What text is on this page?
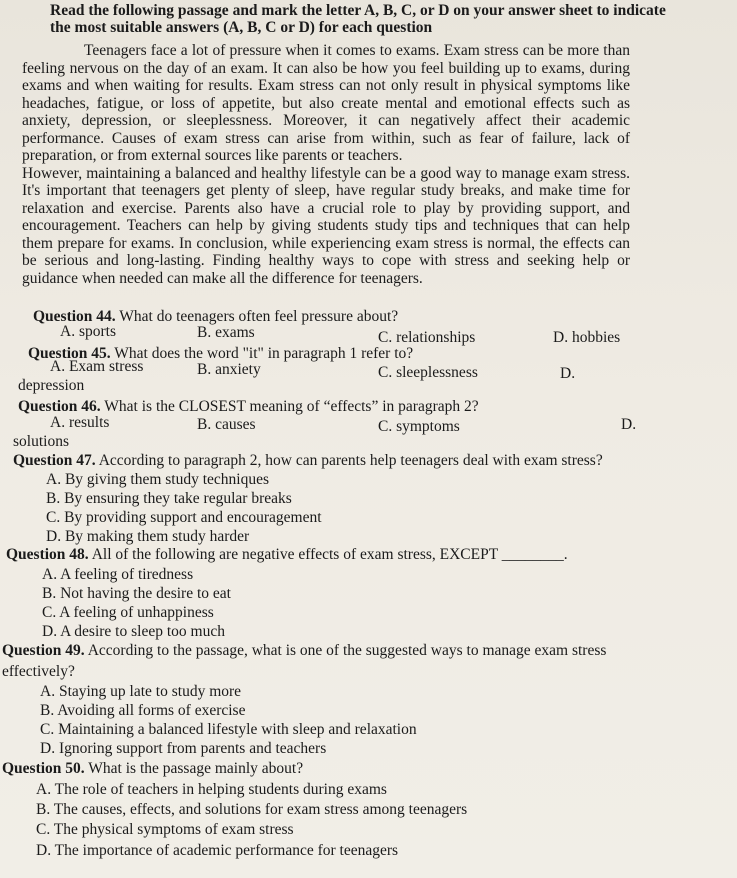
Read the following passage and mark the letter A, B, C, or D on your answer sheet to indicate the most suitable answers (A, B, C or D) for each question

Teenagers face a lot of pressure when it comes to exams. Exam stress can be more than feeling nervous on the day of an exam. It can also be how you feel building up to exams, during exams and when waiting for results. Exam stress can not only result in physical symptoms like headaches, fatigue, or loss of appetite, but also create mental and emotional effects such as anxiety, depression, or sleeplessness. Moreover, it can negatively affect their academic performance. Causes of exam stress can arise from within, such as fear of failure, lack of preparation, or from external sources like parents or teachers.

However, maintaining a balanced and healthy lifestyle can be a good way to manage exam stress. It's important that teenagers get plenty of sleep, have regular study breaks, and make time for relaxation and exercise. Parents also have a crucial role to play by providing support, and encouragement. Teachers can help by giving students study tips and techniques that can help them prepare for exams. In conclusion, while experiencing exam stress is normal, the effects can be serious and long-lasting. Finding healthy ways to cope with stress and seeking help or guidance when needed can make all the difference for teenagers.

Question 44. What do teenagers often feel pressure about?
A. sports	B. exams	C. relationships	D. hobbies
Question 45. What does the word "it" in paragraph 1 refer to?
A. Exam stress	B. anxiety	C. sleeplessness	D.
depression
Question 46. What is the CLOSEST meaning of “effects” in paragraph 2?
A. results	B. causes	C. symptoms	D.
solutions
Question 47. According to paragraph 2, how can parents help teenagers deal with exam stress?
A. By giving them study techniques
B. By ensuring they take regular breaks
C. By providing support and encouragement
D. By making them study harder
Question 48. All of the following are negative effects of exam stress, EXCEPT ________.
A. A feeling of tiredness
B. Not having the desire to eat
C. A feeling of unhappiness
D. A desire to sleep too much
Question 49. According to the passage, what is one of the suggested ways to manage exam stress
effectively?
A. Staying up late to study more
B. Avoiding all forms of exercise
C. Maintaining a balanced lifestyle with sleep and relaxation
D. Ignoring support from parents and teachers
Question 50. What is the passage mainly about?
A. The role of teachers in helping students during exams
B. The causes, effects, and solutions for exam stress among teenagers
C. The physical symptoms of exam stress
D. The importance of academic performance for teenagers
